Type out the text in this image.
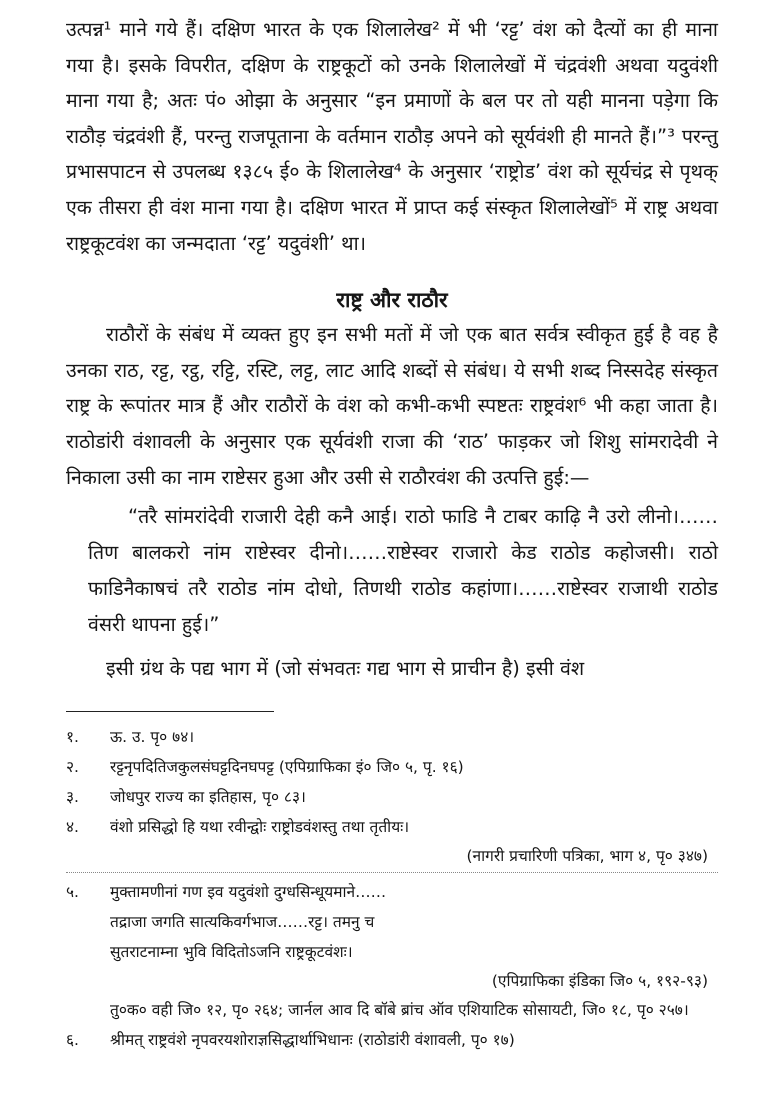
उत्पन्न¹ माने गये हैं। दक्षिण भारत के एक शिलालेख² में भी ‘रट्ट’ वंश को दैत्यों का ही माना गया है। इसके विपरीत, दक्षिण के राष्ट्रकूटों को उनके शिलालेखों में चंद्रवंशी अथवा यदुवंशी माना गया है; अतः पं० ओझा के अनुसार “इन प्रमाणों के बल पर तो यही मानना पड़ेगा कि राठौड़ चंद्रवंशी हैं, परन्तु राजपूताना के वर्तमान राठौड़ अपने को सूर्यवंशी ही मानते हैं।”³ परन्तु प्रभासपाटन से उपलब्ध १३८५ ई० के शिलालेख⁴ के अनुसार ‘राष्ट्रोड’ वंश को सूर्यचंद्र से पृथक् एक तीसरा ही वंश माना गया है। दक्षिण भारत में प्राप्त कई संस्कृत शिलालेखों⁵ में राष्ट्र अथवा राष्ट्रकूटवंश का जन्मदाता ‘रट्ट’ यदुवंशी’ था।

राष्ट्र और राठौर

राठौरों के संबंध में व्यक्त हुए इन सभी मतों में जो एक बात सर्वत्र स्वीकृत हुई है वह है उनका राठ, रट्ट, रट्ठ, रट्टि, रस्टि, लट्ट, लाट आदि शब्दों से संबंध। ये सभी शब्द निस्सदेह संस्कृत राष्ट्र के रूपांतर मात्र हैं और राठौरों के वंश को कभी-कभी स्पष्टतः राष्ट्रवंश⁶ भी कहा जाता है। राठोडांरी वंशावली के अनुसार एक सूर्यवंशी राजा की ‘राठ’ फाड़कर जो शिशु सांमरादेवी ने निकाला उसी का नाम राष्टेसर हुआ और उसी से राठौरवंश की उत्पत्ति हुई:—

“तरै सांमरांदेवी राजारी देही कनै आई। राठो फाडि नै टाबर काढ़ि नै उरो लीनो।……तिण बालकरो नांम राष्टेस्वर दीनो।……राष्टेस्वर राजारो केड राठोड कहोजसी। राठो फाडिनैकाषचं तरै राठोड नांम दोधो, तिणथी राठोड कहांणा।……राष्टेस्वर राजाथी राठोड वंसरी थापना हुई।”

इसी ग्रंथ के पद्य भाग में (जो संभवतः गद्य भाग से प्राचीन है) इसी वंश

१.	ऊ. उ. पृ० ७४।
२.	रट्टनृपदितिजकुलसंघट्टदिनघपट्ट (एपिग्राफिका इं० जि० ५, पृ. १६)
३.	जोधपुर राज्य का इतिहास, पृ० ८३।
४.	वंशो प्रसिद्धो हि यथा रवीन्द्वोः राष्ट्रोडवंशस्तु तथा तृतीयः।
(नागरी प्रचारिणी पत्रिका, भाग ४, पृ० ३४७)
५.	मुक्तामणीनां गण इव यदुवंशो दुग्धसिन्धूयमाने……
तद्राजा जगति सात्यकिवर्गभाज……रट्ट। तमनु च
सुतराटनाम्ना भुवि विदितोऽजनि राष्ट्रकूटवंशः।
(एपिग्राफिका इंडिका जि० ५, १९२-९३)
तु०क० वही जि० १२, पृ० २६४; जार्नल आव दि बॉबे ब्रांच ऑव एशियाटिक सोसायटी, जि० १८, पृ० २५७।
६.	श्रीमत् राष्ट्रवंशे नृपवरयशोराज्ञसिद्धार्थाभिधानः (राठोडांरी वंशावली, पृ० १७)
